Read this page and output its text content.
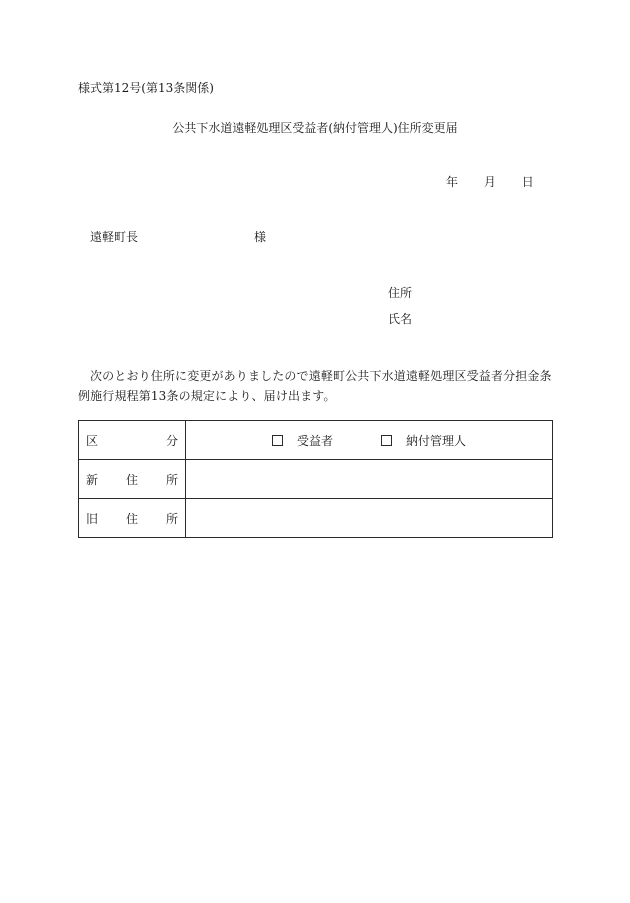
様式第12号(第13条関係)
公共下水道遠軽処理区受益者(納付管理人)住所変更届
年 月 日
遠軽町長	様
住所
氏名
次のとおり住所に変更がありましたので遠軽町公共下水道遠軽処理区受益者分担金条例施行規程第13条の規定により、届け出ます。
区 分	受益者 納付管理人

新 住 所	

旧 住 所	
